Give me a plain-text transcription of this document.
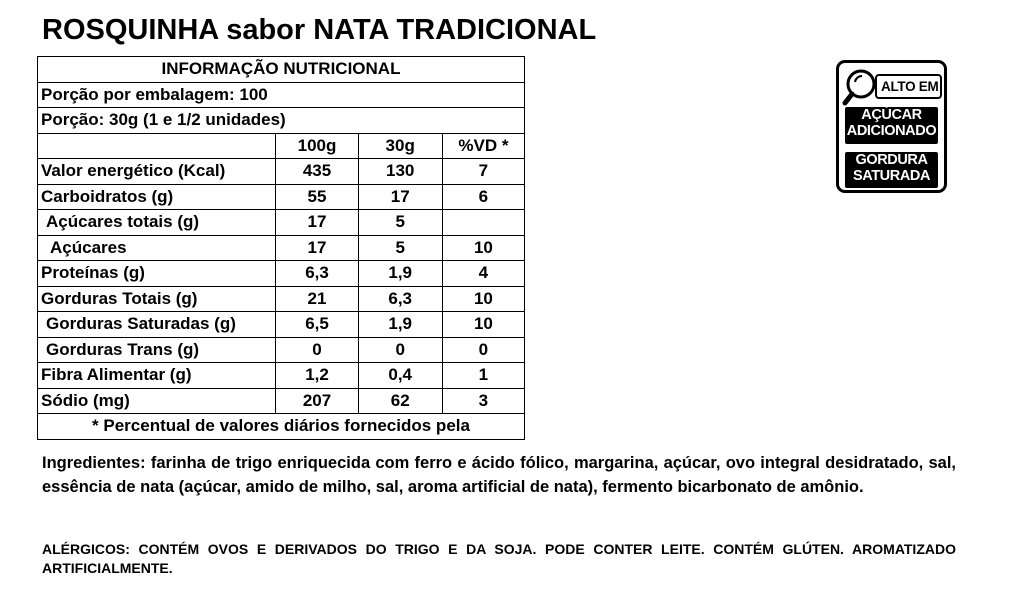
ROSQUINHA sabor NATA TRADICIONAL
INFORMAÇÃO NUTRICIONAL			
Porção por embalagem: 100			
Porção: 30g (1 e 1/2 unidades)			
	100g	30g	%VD *
Valor energético (Kcal)	435	130	7
Carboidratos (g)	55	17	6
Açúcares totais (g)	17	5	
Açúcares	17	5	10
Proteínas (g)	6,3	1,9	4
Gorduras Totais (g)	21	6,3	10
Gorduras Saturadas (g)	6,5	1,9	10
Gorduras Trans (g)	0	0	0
Fibra Alimentar (g)	1,2	0,4	1
Sódio (mg)	207	62	3
* Percentual de valores diários fornecidos pela			
ALTO EM
AÇÚCAR
ADICIONADO
GORDURA
SATURADA
Ingredientes: farinha de trigo enriquecida com ferro e ácido fólico, margarina, açúcar, ovo integral desidratado, sal, essência de nata (açúcar, amido de milho, sal, aroma artificial de nata), fermento bicarbonato de amônio.
ALÉRGICOS: CONTÉM OVOS E DERIVADOS DO TRIGO E DA SOJA. PODE CONTER LEITE. CONTÉM GLÚTEN. AROMATIZADO ARTIFICIALMENTE.
